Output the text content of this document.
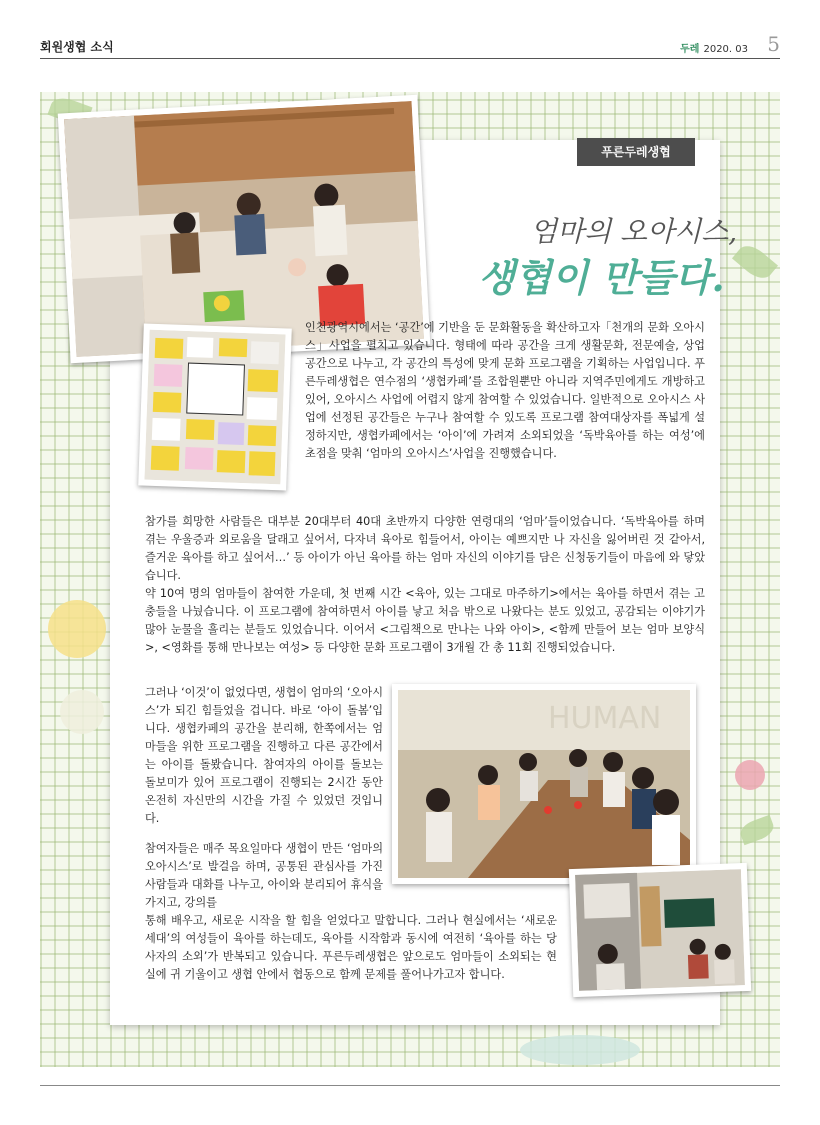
회원생협 소식	두레 2020. 03 5
푸른두레생협
엄마의 오아시스,
생협이 만들다.
HUMAN

인천광역시에서는 ‘공간’에 기반을 둔 문화활동을 확산하고자「천개의 문화 오아시스」사업을 펼치고 있습니다. 형태에 따라 공간을 크게 생활문화, 전문예술, 상업 공간으로 나누고, 각 공간의 특성에 맞게 문화 프로그램을 기획하는 사업입니다. 푸른두레생협은 연수점의 ‘생협카페’를 조합원뿐만 아니라 지역주민에게도 개방하고 있어, 오아시스 사업에 어렵지 않게 참여할 수 있었습니다. 일반적으로 오아시스 사업에 선정된 공간들은 누구나 참여할 수 있도록 프로그램 참여대상자를 폭넓게 설정하지만, 생협카페에서는 ‘아이’에 가려져 소외되었을 ‘독박육아를 하는 여성’에 초점을 맞춰 ‘엄마의 오아시스’사업을 진행했습니다.

참가를 희망한 사람들은 대부분 20대부터 40대 초반까지 다양한 연령대의 ‘엄마’들이었습니다. ‘독박육아를 하며 겪는 우울증과 외로움을 달래고 싶어서, 다자녀 육아로 힘들어서, 아이는 예쁘지만 나 자신을 잃어버린 것 같아서, 즐거운 육아를 하고 싶어서…’ 등 아이가 아닌 육아를 하는 엄마 자신의 이야기를 담은 신청동기들이 마음에 와 닿았습니다.

약 10여 명의 엄마들이 참여한 가운데, 첫 번째 시간 <육아, 있는 그대로 마주하기>에서는 육아를 하면서 겪는 고충들을 나눴습니다. 이 프로그램에 참여하면서 아이를 낳고 처음 밖으로 나왔다는 분도 있었고, 공감되는 이야기가 많아 눈물을 흘리는 분들도 있었습니다. 이어서 <그림책으로 만나는 나와 아이>, <함께 만들어 보는 엄마 보양식>, <영화를 통해 만나보는 여성> 등 다양한 문화 프로그램이 3개월 간 총 11회 진행되었습니다.

그러나 ‘이것’이 없었다면, 생협이 엄마의 ‘오아시스’가 되긴 힘들었을 겁니다. 바로 ‘아이 돌봄’입니다. 생협카페의 공간을 분리해, 한쪽에서는 엄마들을 위한 프로그램을 진행하고 다른 공간에서는 아이를 돌봤습니다. 참여자의 아이를 돌보는 돌보미가 있어 프로그램이 진행되는 2시간 동안 온전히 자신만의 시간을 가질 수 있었던 것입니다.

참여자들은 매주 목요일마다 생협이 만든 ‘엄마의 오아시스’로 발걸음 하며, 공통된 관심사를 가진 사람들과 대화를 나누고, 아이와 분리되어 휴식을 가지고, 강의를

통해 배우고, 새로운 시작을 할 힘을 얻었다고 말합니다. 그러나 현실에서는 ‘새로운 세대’의 여성들이 육아를 하는데도, 육아를 시작함과 동시에 여전히 ‘육아를 하는 당사자의 소외’가 반복되고 있습니다. 푸른두레생협은 앞으로도 엄마들이 소외되는 현실에 귀 기울이고 생협 안에서 협동으로 함께 문제를 풀어나가고자 합니다.
